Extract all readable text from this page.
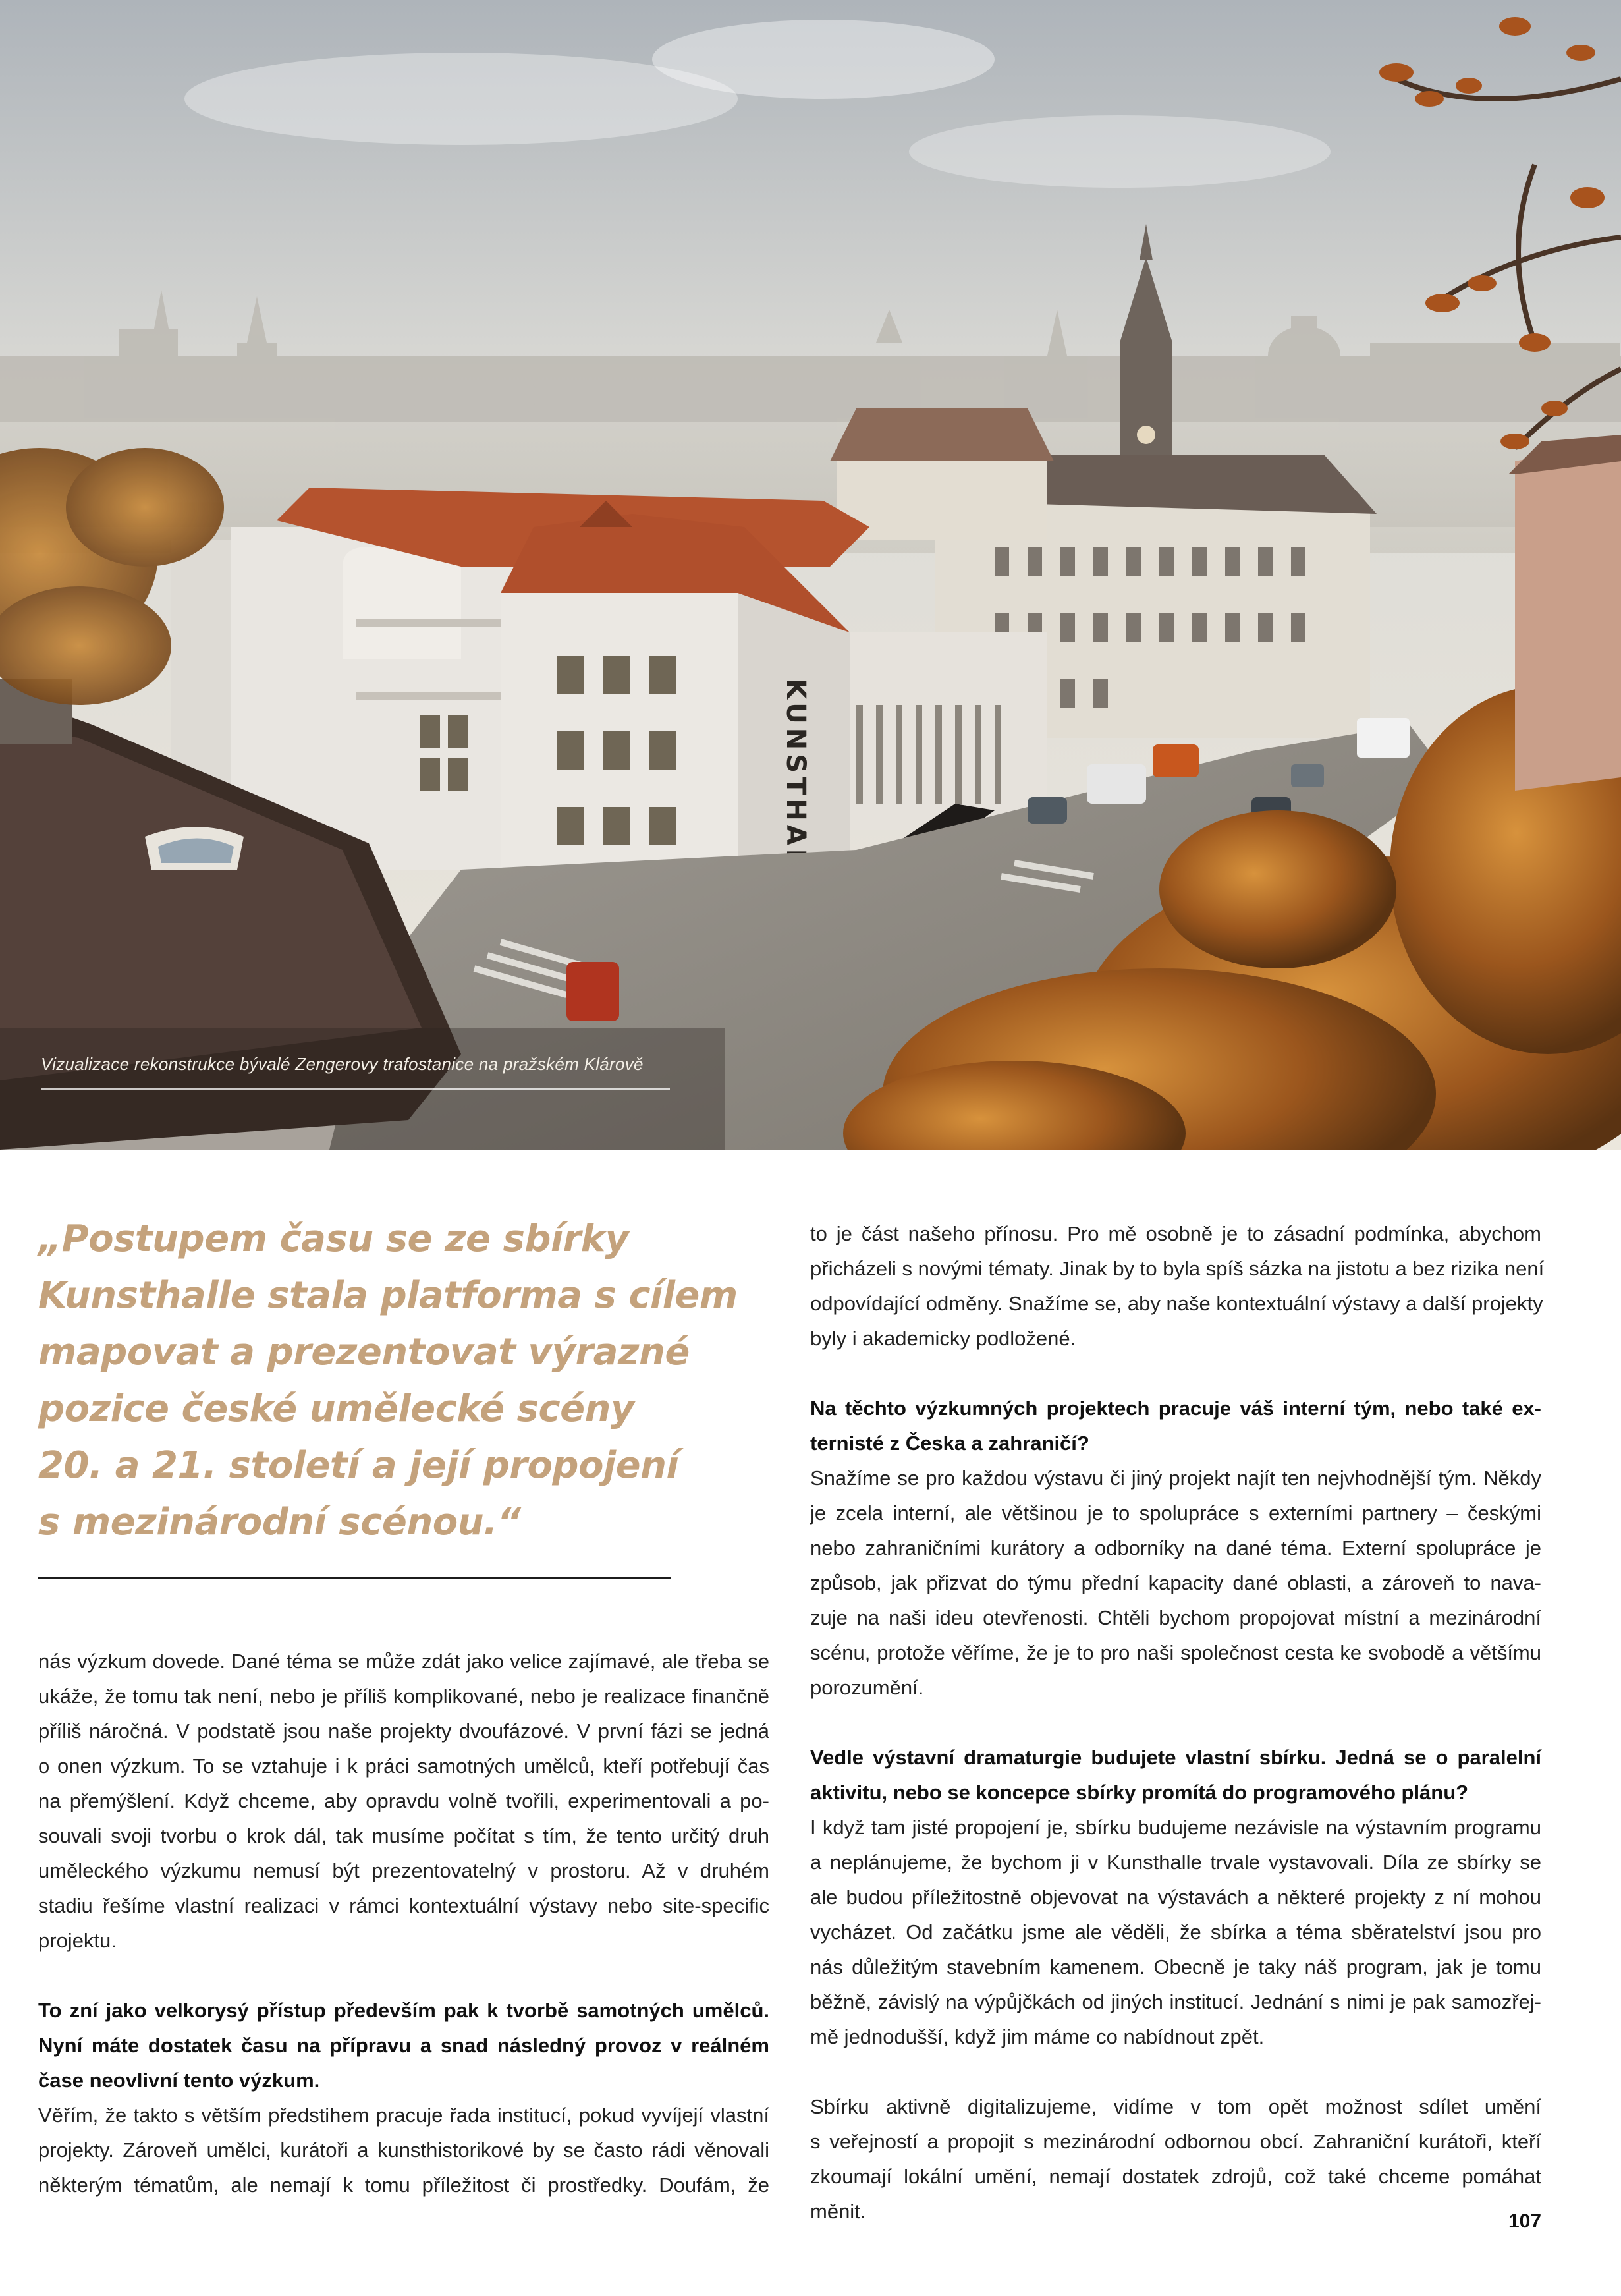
KUNSTHALLE
Vizualizace rekonstrukce bývalé Zengerovy trafostanice na pražském Klárově
„Postupem času se ze sbírky
Kunsthalle stala platforma s cílem
mapovat a prezentovat výrazné
pozice české umělecké scény
20. a 21. století a její propojení
s mezinárodní scénou.“
nás výzkum dovede. Dané téma se může zdát jako velice zajímavé, ale třeba se
ukáže, že tomu tak není, nebo je příliš komplikované, nebo je realizace finančně
příliš náročná. V podstatě jsou naše projekty dvoufázové. V první fázi se jedná
o onen výzkum. To se vztahuje i k práci samotných umělců, kteří potřebují čas
na přemýšlení. Když chceme, aby opravdu volně tvořili, experimentovali a po-
souvali svoji tvorbu o krok dál, tak musíme počítat s tím, že tento určitý druh
uměleckého výzkumu nemusí být prezentovatelný v prostoru. Až v druhém
stadiu řešíme vlastní realizaci v rámci kontextuální výstavy nebo site-specific
projektu.
To zní jako velkorysý přístup především pak k tvorbě samotných umělců.
Nyní máte dostatek času na přípravu a snad následný provoz v reálném
čase neovlivní tento výzkum.
Věřím, že takto s větším předstihem pracuje řada institucí, pokud vyvíjejí vlastní
projekty. Zároveň umělci, kurátoři a kunsthistorikové by se často rádi věnovali
některým tématům, ale nemají k tomu příležitost či prostředky. Doufám, že
to je část našeho přínosu. Pro mě osobně je to zásadní podmínka, abychom
přicházeli s novými tématy. Jinak by to byla spíš sázka na jistotu a bez rizika není
odpovídající odměny. Snažíme se, aby naše kontextuální výstavy a další projekty
byly i akademicky podložené.
Na těchto výzkumných projektech pracuje váš interní tým, nebo také ex-
ternisté z Česka a zahraničí?
Snažíme se pro každou výstavu či jiný projekt najít ten nejvhodnější tým. Někdy
je zcela interní, ale většinou je to spolupráce s externími partnery – českými
nebo zahraničními kurátory a odborníky na dané téma. Externí spolupráce je
způsob, jak přizvat do týmu přední kapacity dané oblasti, a zároveň to nava-
zuje na naši ideu otevřenosti. Chtěli bychom propojovat místní a mezinárodní
scénu, protože věříme, že je to pro naši společnost cesta ke svobodě a většímu
porozumění.
Vedle výstavní dramaturgie budujete vlastní sbírku. Jedná se o paralelní
aktivitu, nebo se koncepce sbírky promítá do programového plánu?
I když tam jisté propojení je, sbírku budujeme nezávisle na výstavním programu
a neplánujeme, že bychom ji v Kunsthalle trvale vystavovali. Díla ze sbírky se
ale budou příležitostně objevovat na výstavách a některé projekty z ní mohou
vycházet. Od začátku jsme ale věděli, že sbírka a téma sběratelství jsou pro
nás důležitým stavebním kamenem. Obecně je taky náš program, jak je tomu
běžně, závislý na výpůjčkách od jiných institucí. Jednání s nimi je pak samozřej-
mě jednodušší, když jim máme co nabídnout zpět.
Sbírku aktivně digitalizujeme, vidíme v tom opět možnost sdílet umění
s veřejností a propojit s mezinárodní odbornou obcí. Zahraniční kurátoři, kteří
zkoumají lokální umění, nemají dostatek zdrojů, což také chceme pomáhat
měnit.	107
